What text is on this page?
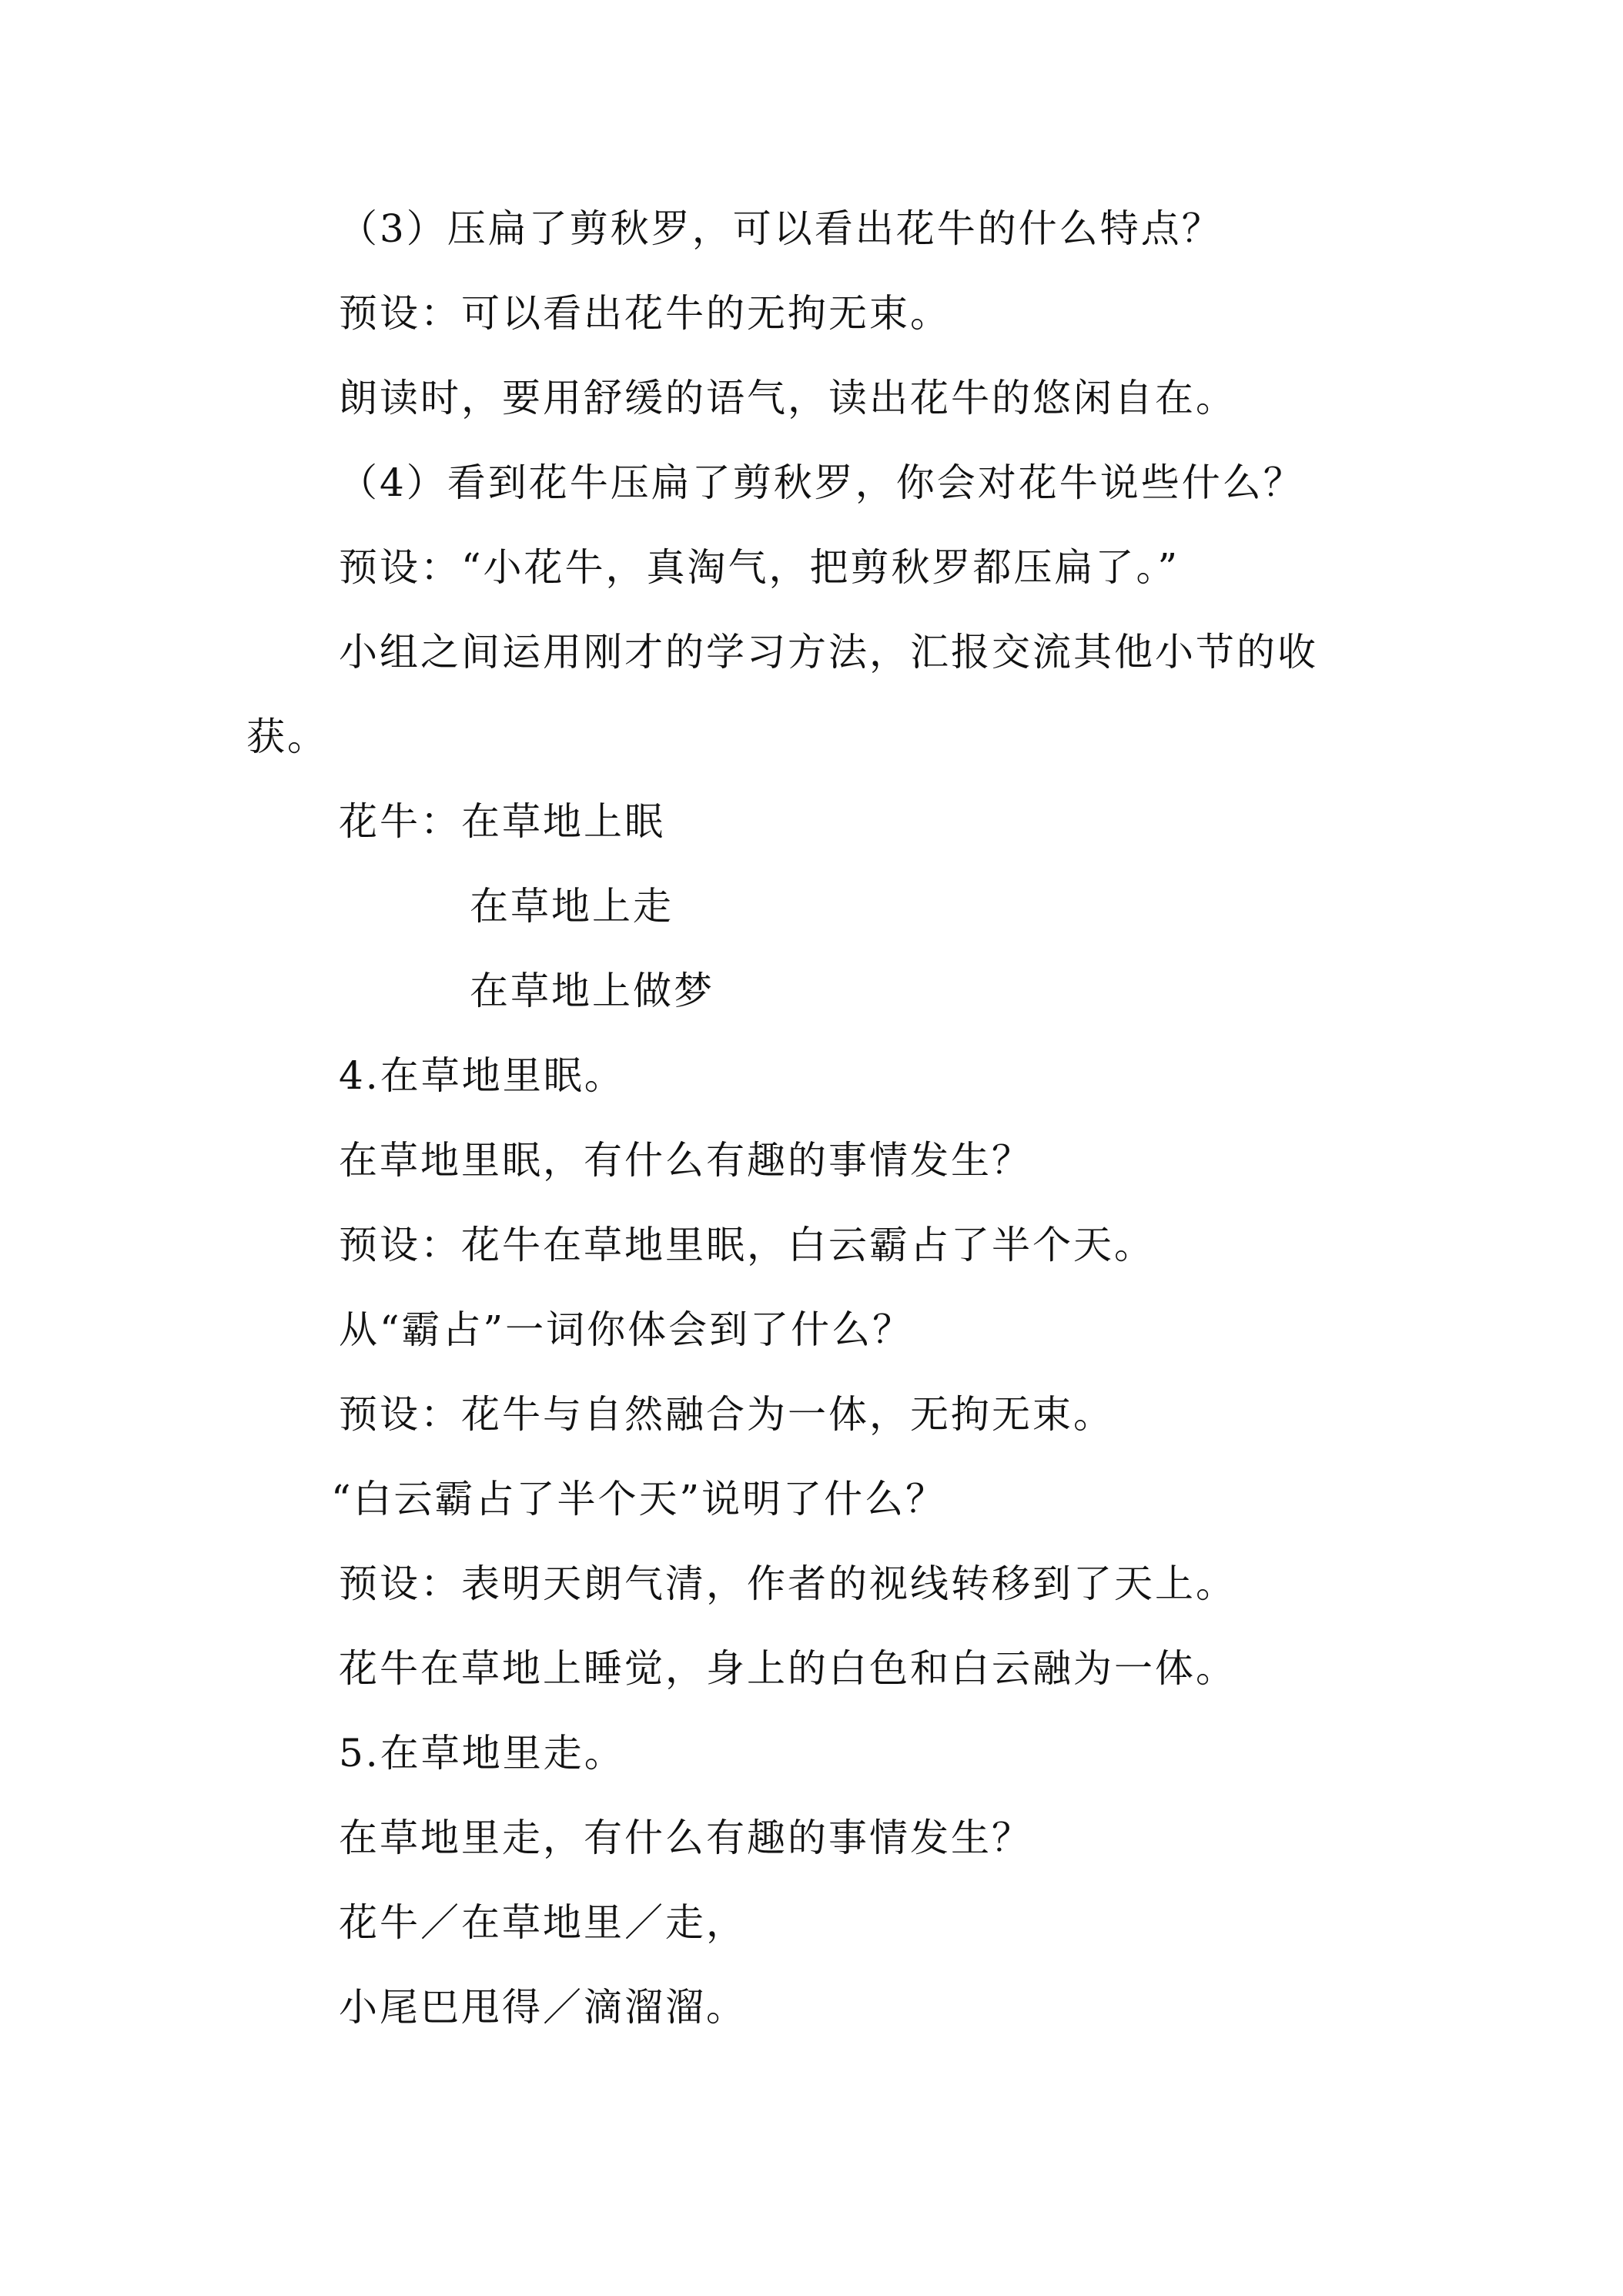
（3）压扁了剪秋罗，可以看出花牛的什么特点？
预设：可以看出花牛的无拘无束。
朗读时，要用舒缓的语气，读出花牛的悠闲自在。
（4）看到花牛压扁了剪秋罗，你会对花牛说些什么？
预设：“小花牛，真淘气，把剪秋罗都压扁了。”
小组之间运用刚才的学习方法，汇报交流其他小节的收
获。
花牛：在草地上眠
在草地上走
在草地上做梦
4.在草地里眠。
在草地里眠，有什么有趣的事情发生？
预设：花牛在草地里眠，白云霸占了半个天。
从“霸占”一词你体会到了什么？
预设：花牛与自然融合为一体，无拘无束。
“白云霸占了半个天”说明了什么？
预设：表明天朗气清，作者的视线转移到了天上。
花牛在草地上睡觉，身上的白色和白云融为一体。
5.在草地里走。
在草地里走，有什么有趣的事情发生？
花牛／在草地里／走，
小尾巴甩得／滴溜溜。
